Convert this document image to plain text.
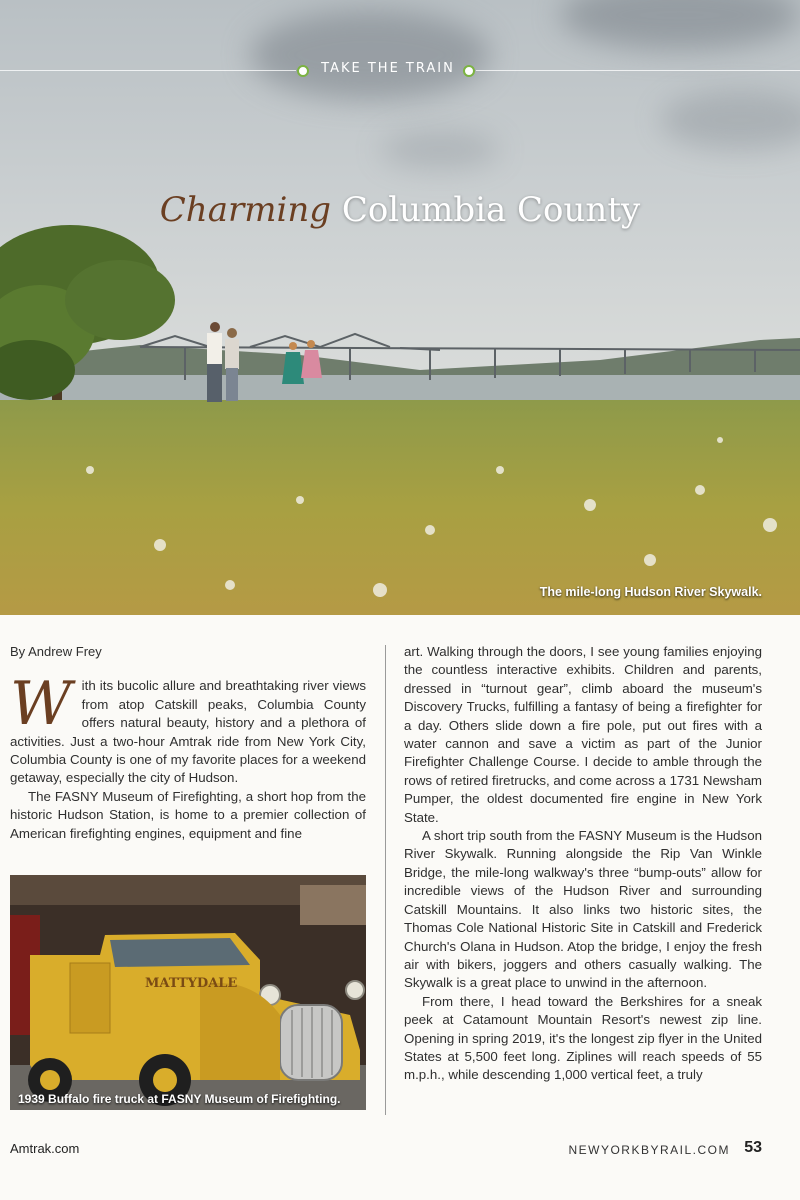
TAKE THE TRAIN
Charming Columbia County
The mile-long Hudson River Skywalk.

By Andrew Frey

With its bucolic allure and breathtaking river views from atop Catskill peaks, Columbia County offers natural beauty, history and a plethora of activities. Just a two-hour Amtrak ride from New York City, Columbia County is one of my favorite places for a weekend getaway, especially the city of Hudson.

The FASNY Museum of Firefighting, a short hop from the historic Hudson Station, is home to a premier collection of American firefighting engines, equipment and fine

MATTYDALE
1939 Buffalo fire truck at FASNY Museum of Firefighting.

art. Walking through the doors, I see young families enjoying the countless interactive exhibits. Children and parents, dressed in “turnout gear”, climb aboard the museum's Discovery Trucks, fulfilling a fantasy of being a firefighter for a day. Others slide down a fire pole, put out fires with a water cannon and save a victim as part of the Junior Firefighter Challenge Course. I decide to amble through the rows of retired firetrucks, and come across a 1731 Newsham Pumper, the oldest documented fire engine in New York State.

A short trip south from the FASNY Museum is the Hudson River Skywalk. Running alongside the Rip Van Winkle Bridge, the mile-long walkway's three “bump-outs” allow for incredible views of the Hudson River and surrounding Catskill Mountains. It also links two historic sites, the Thomas Cole National Historic Site in Catskill and Frederick Church's Olana in Hudson. Atop the bridge, I enjoy the fresh air with bikers, joggers and others casually walking. The Skywalk is a great place to unwind in the afternoon.

From there, I head toward the Berkshires for a sneak peek at Catamount Mountain Resort's newest zip line. Opening in spring 2019, it's the longest zip flyer in the United States at 5,500 feet long. Ziplines will reach speeds of 55 m.p.h., while descending 1,000 vertical feet, a truly

Amtrak.com	NEWYORKBYRAIL.COM 53
